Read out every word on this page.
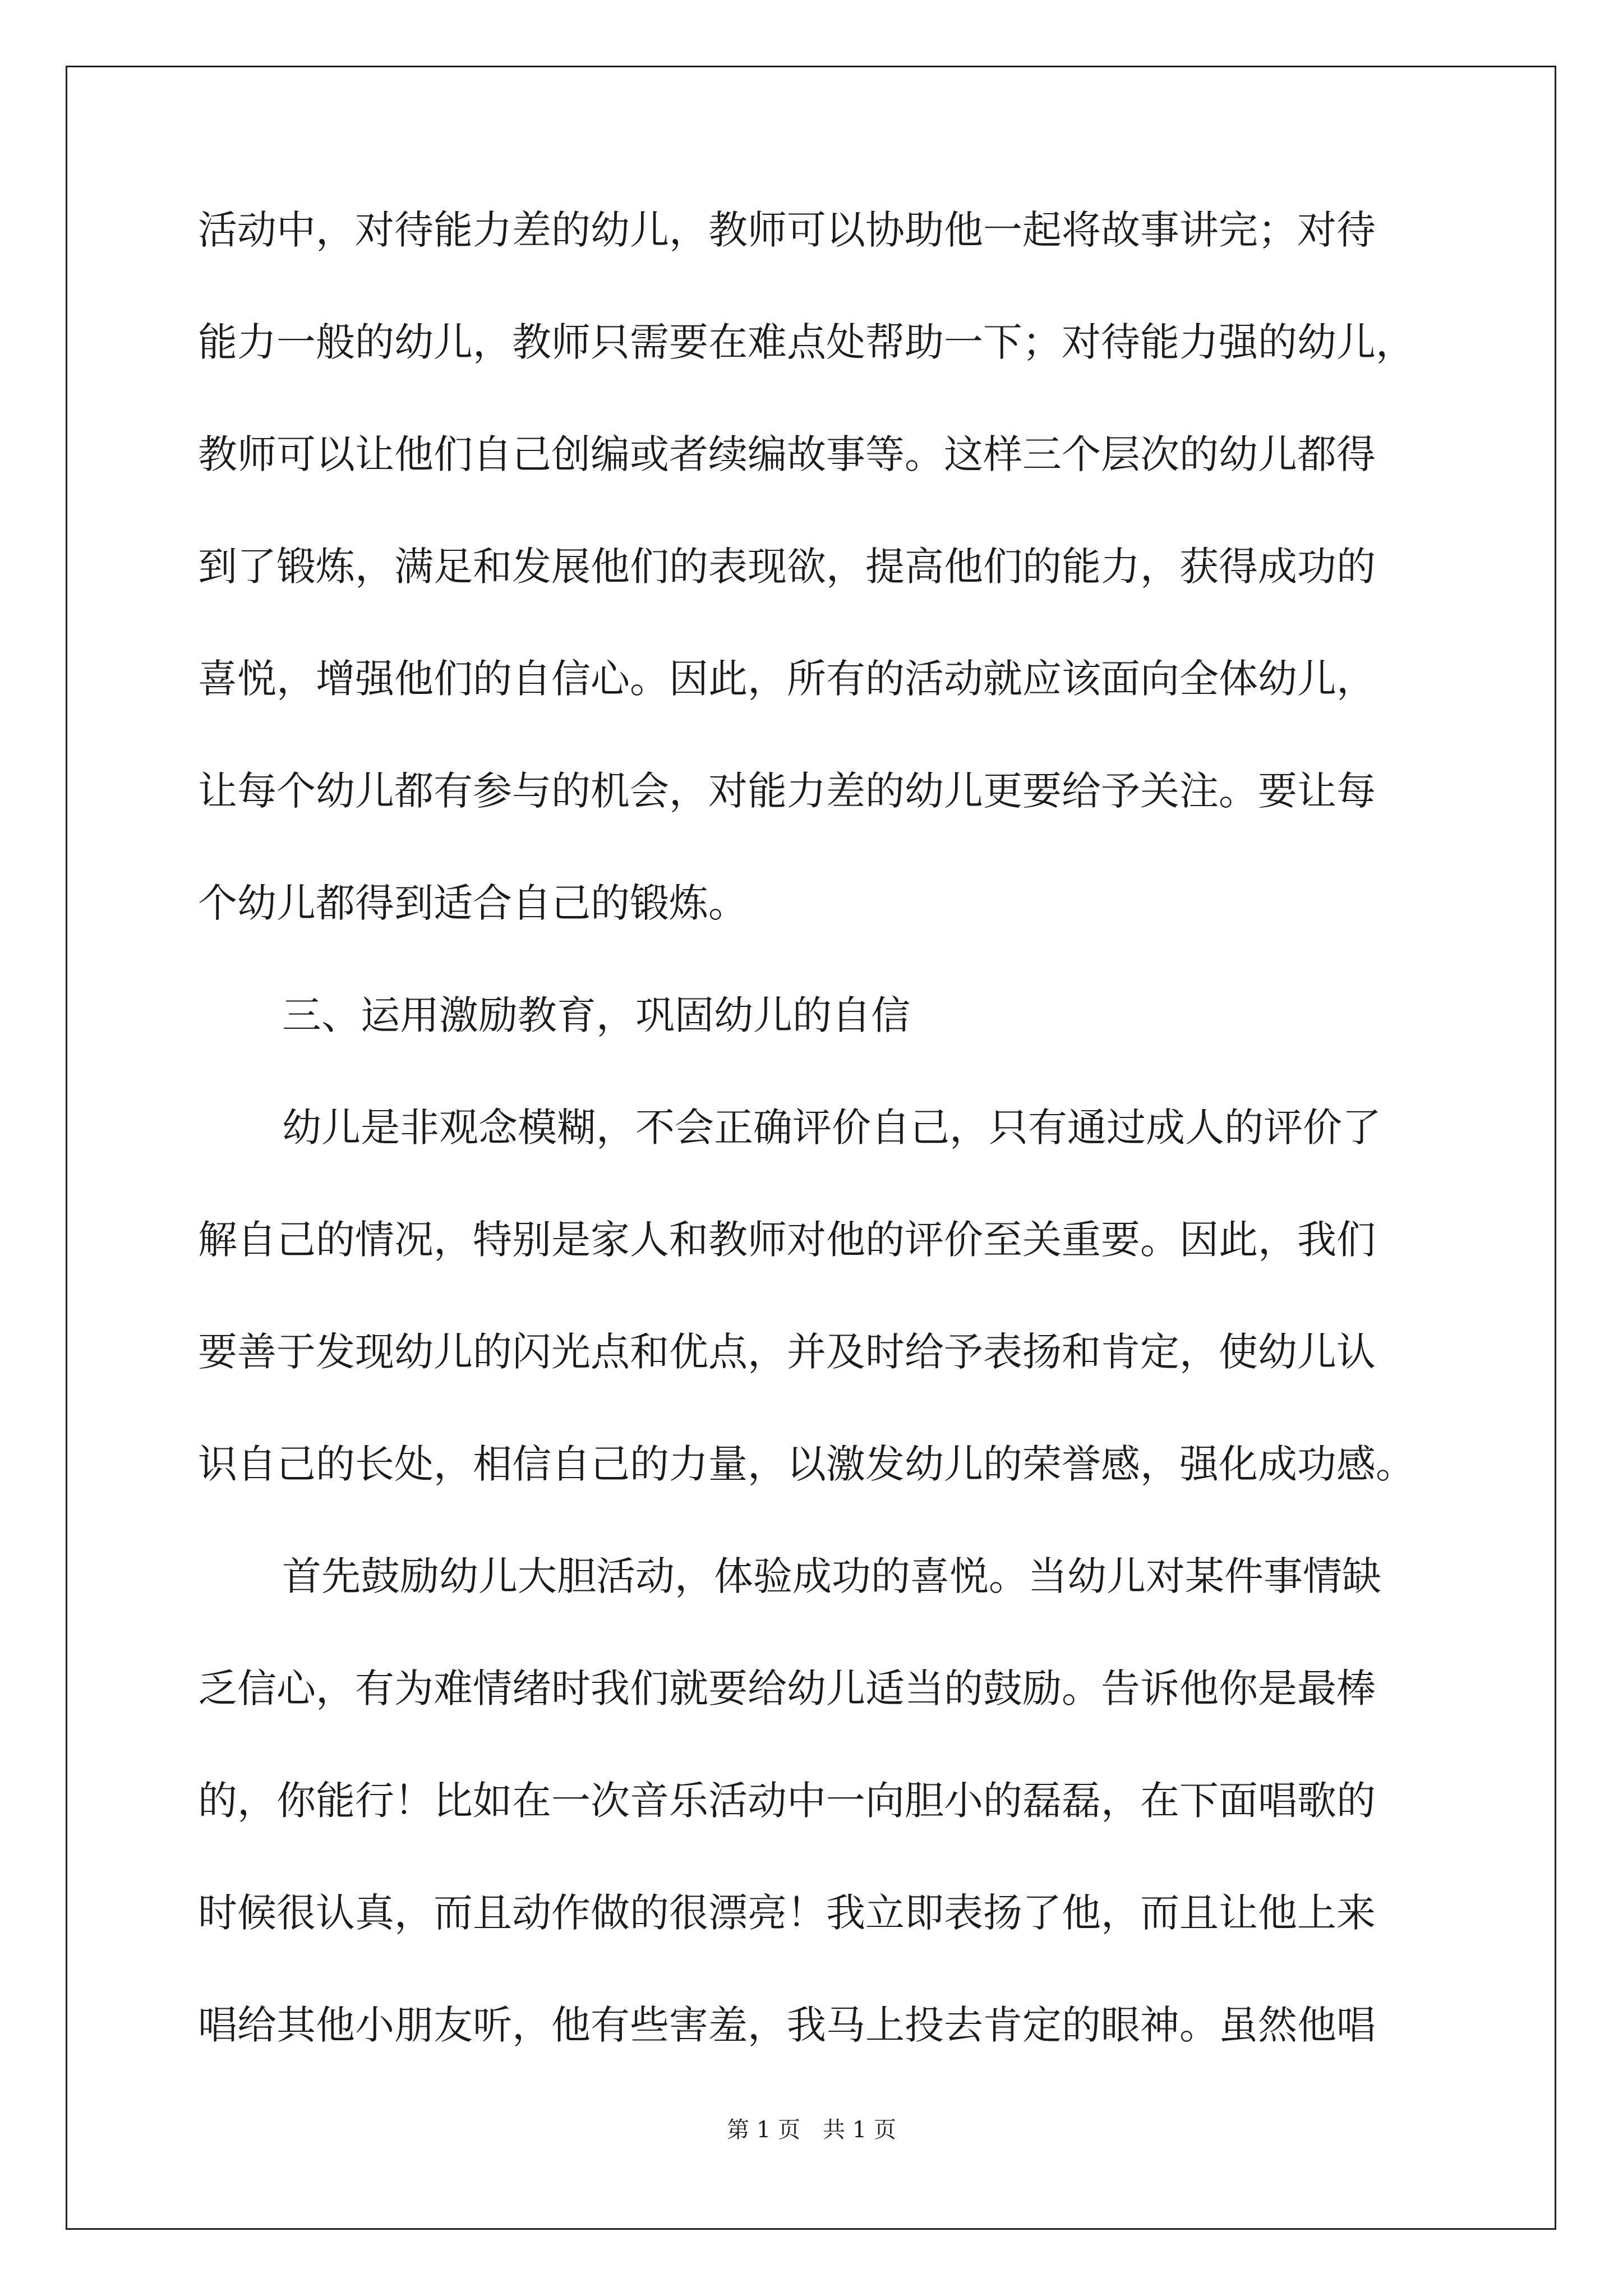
活动中，对待能力差的幼儿，教师可以协助他一起将故事讲完；对待
能力一般的幼儿，教师只需要在难点处帮助一下；对待能力强的幼儿，
教师可以让他们自己创编或者续编故事等。这样三个层次的幼儿都得
到了锻炼，满足和发展他们的表现欲，提高他们的能力，获得成功的
喜悦，增强他们的自信心。因此，所有的活动就应该面向全体幼儿，
让每个幼儿都有参与的机会，对能力差的幼儿更要给予关注。要让每
个幼儿都得到适合自己的锻炼。
三、运用激励教育，巩固幼儿的自信
幼儿是非观念模糊，不会正确评价自己，只有通过成人的评价了
解自己的情况，特别是家人和教师对他的评价至关重要。因此，我们
要善于发现幼儿的闪光点和优点，并及时给予表扬和肯定，使幼儿认
识自己的长处，相信自己的力量，以激发幼儿的荣誉感，强化成功感。
首先鼓励幼儿大胆活动，体验成功的喜悦。当幼儿对某件事情缺
乏信心，有为难情绪时我们就要给幼儿适当的鼓励。告诉他你是最棒
的，你能行！比如在一次音乐活动中一向胆小的磊磊，在下面唱歌的
时候很认真，而且动作做的很漂亮！我立即表扬了他，而且让他上来
唱给其他小朋友听，他有些害羞，我马上投去肯定的眼神。虽然他唱
第 1 页　共 1 页
